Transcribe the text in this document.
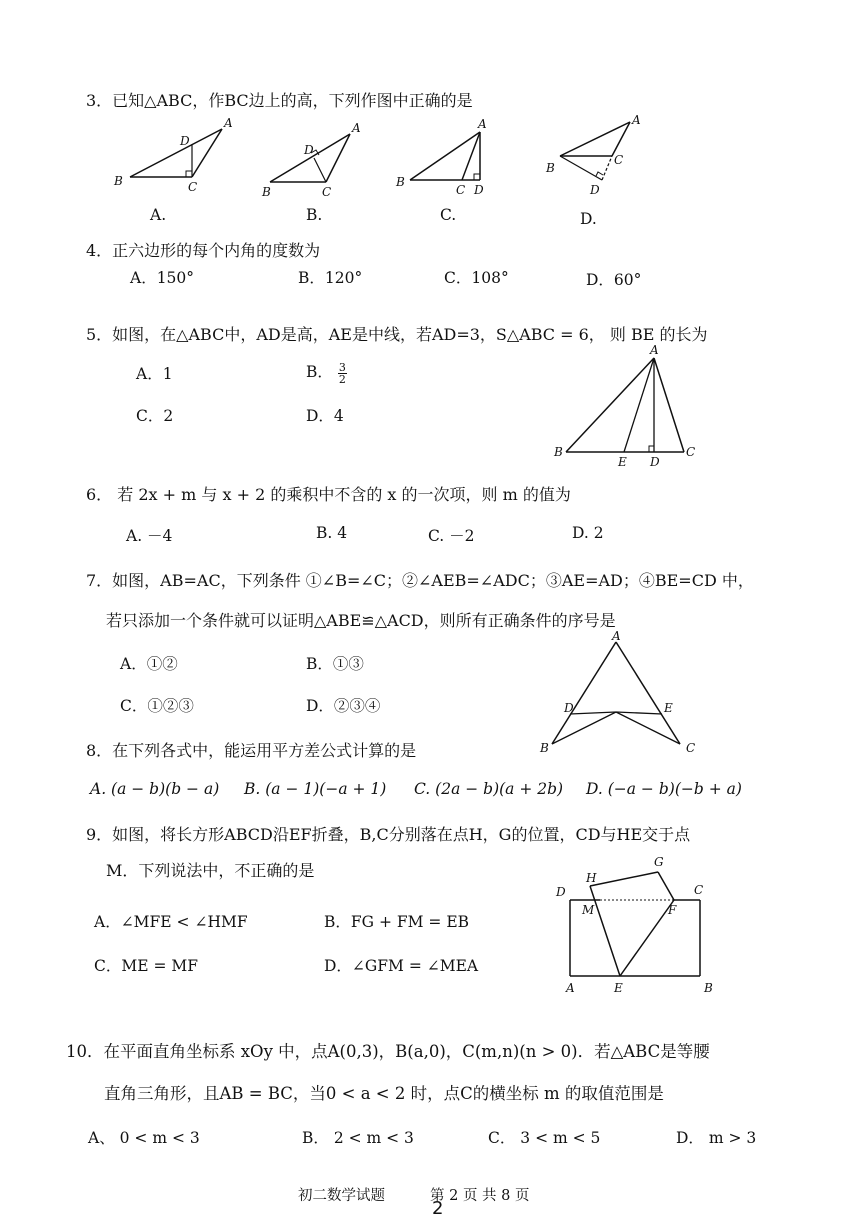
3．已知△ABC，作BC边上的高，下列作图中正确的是
A
B	C
D
A.
A
B	C
D
B.
A
B
C D
C.
A
B
C
D
D.
4．正六边形的每个内角的度数为
A．150°	B．120°	C．108°	D．60°
5．如图，在△ABC中，AD是高，AE是中线，若AD=3，S△ABC = 6， 则 BE 的长为
A．1	B． $\frac{3}{2}$
C．2	D．4
A
B
E D
C
6． 若 2x + m 与 x + 2 的乘积中不含的 x 的一次项，则 m 的值为
A. －4	B. 4	C. －2	D. 2
7．如图，AB=AC，下列条件 ①∠B=∠C；②∠AEB=∠ADC；③AE=AD；④BE=CD 中，
若只添加一个条件就可以证明△ABE≌△ACD，则所有正确条件的序号是
A．①②	B．①③
C．①②③	D．②③④
A
B	C
D	E
8．在下列各式中，能运用平方差公式计算的是
A. (a − b)(b − a) B. (a − 1)(−a + 1) C. (2a − b)(a + 2b) D. (−a − b)(−b + a)
9．如图，将长方形ABCD沿EF折叠，B,C分别落在点H，G的位置，CD与HE交于点
M．下列说法中，不正确的是
A．∠MFE < ∠HMF	B．FG + FM = EB
C．ME = MF	D．∠GFM = ∠MEA
D
H
G
C
M	F
A	E	B
10．在平面直角坐标系 xOy 中，点A(0,3)，B(a,0)，C(m,n)(n > 0)．若△ABC是等腰
直角三角形，且AB = BC，当0 < a < 2 时，点C的横坐标 m 的取值范围是
A、 0 < m < 3	B． 2 < m < 3	C． 3 < m < 5	D． m > 3
初二数学试题	第 2 页 共 8 页
2
